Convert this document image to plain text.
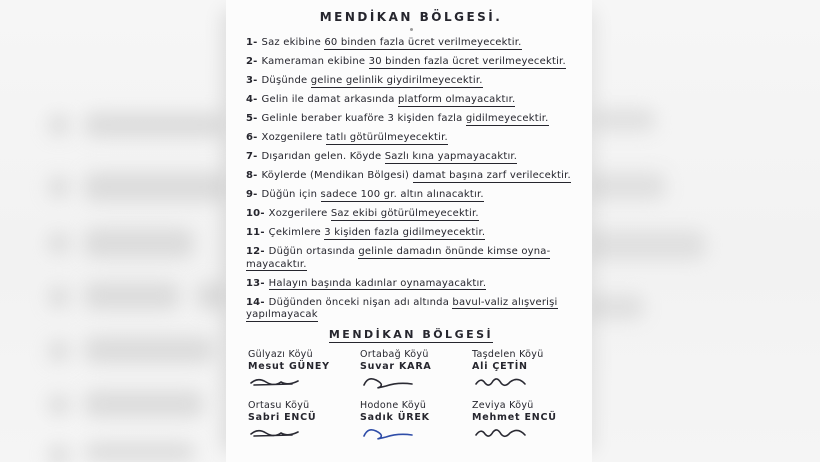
MENDİKAN BÖLGESİ.
1- Saz ekibine 60 binden fazla ücret verilmeyecektir.
2- Kameraman ekibine 30 binden fazla ücret verilmeyecektir.
3- Düşünde geline gelinlik giydirilmeyecektir.
4- Gelin ile damat arkasında platform olmayacaktır.
5- Gelinle beraber kuaföre 3 kişiden fazla gidilmeyecektir.
6- Xozgenilere tatlı götürülmeyecektir.
7- Dışarıdan gelen. Köyde Sazlı kına yapmayacaktır.
8- Köylerde (Mendikan Bölgesi) damat başına zarf verilecektir.
9- Düğün için sadece 100 gr. altın alınacaktır.
10- Xozgerilere Saz ekibi götürülmeyecektir.
11- Çekimlere 3 kişiden fazla gidilmeyecektir.
12- Düğün ortasında gelinle damadın önünde kimse oyna- mayacaktır.
13- Halayın başında kadınlar oynamayacaktır.
14- Düğünden önceki nişan adı altında bavul-valiz alışverişi yapılmayacak
MENDİKAN BÖLGESİ
Gülyazı Köyü
Mesut GÜNEY
Ortabağ Köyü
Suvar KARA
Taşdelen Köyü
Ali ÇETİN
Ortasu Köyü
Sabri ENCÜ
Hodone Köyü
Sadık ÜREK
Zeviya Köyü
Mehmet ENCÜ
